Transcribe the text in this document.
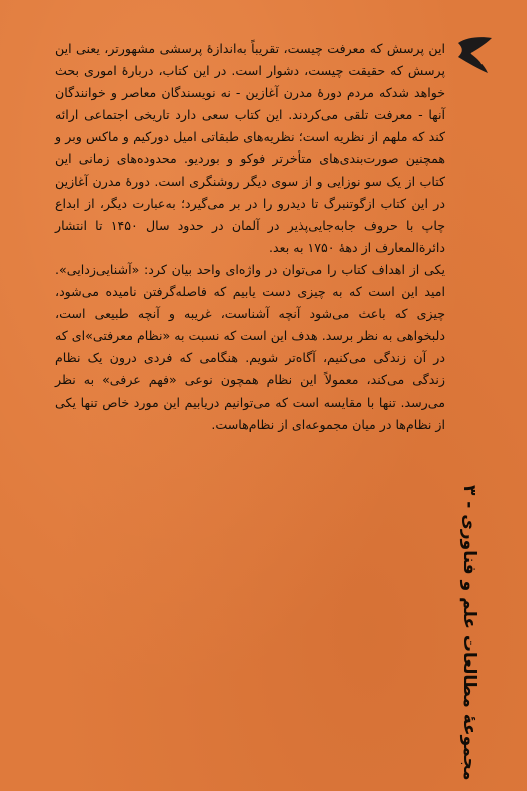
این پرسش که معرفت چیست، تقریباً به‌اندازهٔ پرسشی مشهورتر، یعنی این پرسش که حقیقت چیست، دشوار است. در این کتاب، دربارهٔ اموری بحث خواهد شدکه مردم دورهٔ مدرن آغازین - نه نویسندگان معاصر و خوانندگان آنها - معرفت تلقی می‌کردند. این کتاب سعی دارد تاریخی اجتماعی ارائه کند که ملهم از نظریه است؛ نظریه‌های طبقاتی امیل دورکیم و ماکس وبر و همچنین صورت‌بندی‌های متأخرتر فوکو و بوردیو. محدوده‌های زمانی این کتاب از یک سو نوزایی و از سوی دیگر روشنگری است. دورهٔ مدرن آغازین در این کتاب ازگوتنبرگ تا دیدرو را در بر می‌گیرد؛ به‌عبارت دیگر، از ابداع چاپ با حروف جابه‌جایی‌پذیر در آلمان در حدود سال ۱۴۵۰ تا انتشار دائرةالمعارف از دههٔ ۱۷۵۰ به بعد.

یکی از اهداف کتاب را می‌توان در واژه‌ای واحد بیان کرد: «آشنایی‌زدایی». امید این است که به چیزی دست یابیم که فاصله‌گرفتن نامیده می‌شود، چیزی که باعث می‌شود آنچه آشناست، غریبه و آنچه طبیعی است، دلبخواهی به نظر برسد. هدف این است که نسبت به «نظام معرفتی»ای که در آن زندگی می‌کنیم، آگاه‌تر شویم. هنگامی که فردی درون یک نظام زندگی می‌کند، معمولاً این نظام همچون نوعی «فهم عرفی» به نظر می‌رسد. تنها با مقایسه است که می‌توانیم دریابیم این مورد خاص تنها یکی از نظام‌ها در میان مجموعه‌ای از نظام‌هاست.

مجموعهٔ مطالعات علم و فناوری - ۳
